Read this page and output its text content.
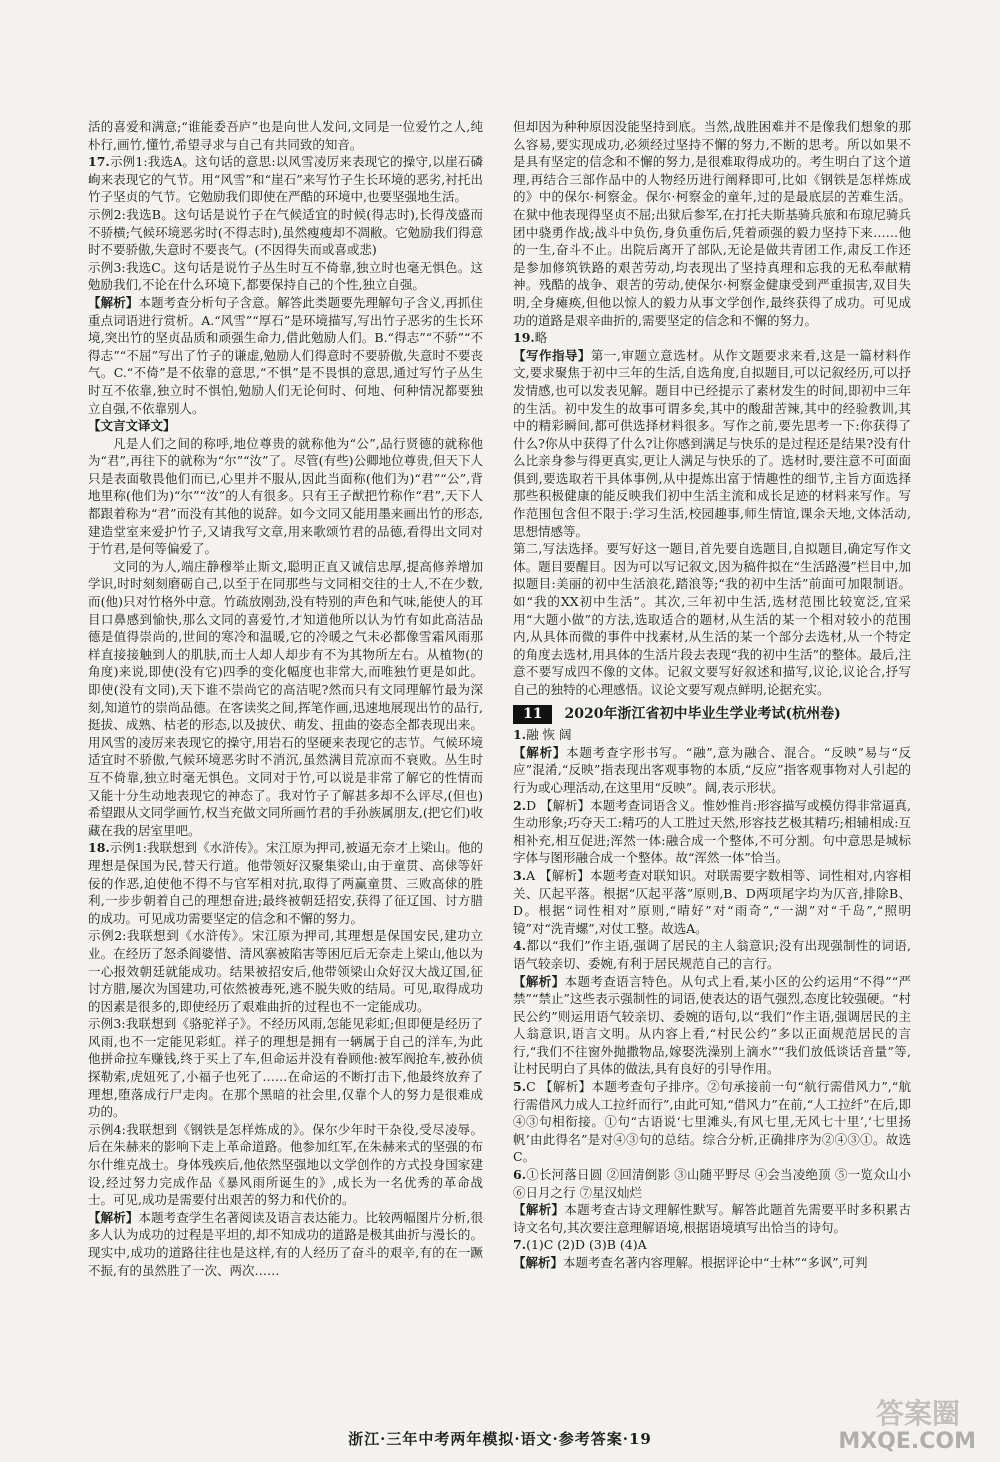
活的喜爱和满意;“谁能委吾庐”也是向世人发问,文同是一位爱竹之人,纯朴行,画竹,懂竹,希望寻求与自己有共同致的知音。

17.示例1:我选A。这句话的意思:以风雪凌厉来表现它的操守,以崖石磷峋来表现它的气节。用“风雪”和“崖石”来写竹子生长环境的恶劣,衬托出竹子坚贞的气节。它勉励我们即使在严酷的环境中,也要坚强地生活。

示例2:我选B。这句话是说竹子在气候适宜的时候(得志时),长得茂盛而不骄横;气候环境恶劣时(不得志时),虽然瘦瘦却不凋敝。它勉励我们得意时不要骄傲,失意时不要丧气。(不因得失而或喜或悲)

示例3:我选C。这句话是说竹子丛生时互不倚靠,独立时也毫无惧色。这勉励我们,不论在什么环境下,都要保持自己的个性,独立自强。

【解析】本题考查分析句子含意。解答此类题要先理解句子含义,再抓住重点词语进行赏析。A.“风雪”“厚石”是环境描写,写出竹子恶劣的生长环境,突出竹的坚贞品质和顽强生命力,借此勉励人们。B.“得志”“不骄”“不得志”“不屈”写出了竹子的谦虚,勉励人们得意时不要骄傲,失意时不要丧气。C.“不倚”是不依靠的意思,“不惧”是不畏惧的意思,通过写竹子丛生时互不依靠,独立时不惧怕,勉励人们无论何时、何地、何种情况都要独立自强,不依靠别人。

【文言文译文】

凡是人们之间的称呼,地位尊贵的就称他为“公”,品行贤德的就称他为“君”,再往下的就称为“尔”“汝”了。尽管(有些)公卿地位尊贵,但天下人只是表面敬畏他们而已,心里并不服从,因此当面称(他们为)“君”“公”,背地里称(他们为)“尔”“汝”的人有很多。只有王子猷把竹称作“君”,天下人都跟着称为“君”而没有其他的说辞。如今文同又能用墨来画出竹的形态,建造堂室来爱护竹子,又请我写文章,用来歌颂竹君的品德,看得出文同对于竹君,是何等偏爱了。

文同的为人,端庄静穆举止斯文,聪明正直又诚信忠厚,提高修养增加学识,时时刻刻磨砺自己,以至于在同那些与文同相交往的士人,不在少数,而(他)只对竹格外中意。竹疏放刚劲,没有特别的声色和气味,能使人的耳目口鼻感到愉快,那么文同的喜爱竹,才知道他所以认为竹有如此高洁品德是值得崇尚的,世间的寒冷和温暖,它的冷暖之气未必都像雪霜风雨那样直接接触到人的肌肤,而士人却人却步有不为其物所左右。从植物(的角度)来说,即使(没有它)四季的变化幅度也非常大,而唯独竹更是如此。即使(没有文同),天下谁不崇尚它的高洁呢?然而只有文同理解竹最为深刻,知道竹的崇尚品德。在客读奖之间,挥笔作画,迅速地展现出竹的品行,挺拔、成熟、枯老的形态,以及披伏、萌发、扭曲的姿态全都表现出来。用风雪的凌厉来表现它的操守,用岩石的坚硬来表现它的志节。气候环境适宜时不骄傲,气候环境恶劣时不消沉,虽然满目荒凉而不衰败。丛生时互不倚靠,独立时毫无惧色。文同对于竹,可以说是非常了解它的性情而又能十分生动地表现它的神态了。我对竹子了解甚多却不么评尽,(但也)希望跟从文同学画竹,权当充做文同所画竹君的手孙族属朋友,(把它们)收藏在我的居室里吧。

18.示例1:我联想到《水浒传》。宋江原为押司,被逼无奈才上梁山。他的理想是保国为民,替天行道。他带领好汉聚集梁山,由于童贯、高俅等奸佞的作恶,迫使他不得不与官军相对抗,取得了两赢童贯、三败高俅的胜利,一步步朝着自己的理想奋进;最终被朝廷招安,获得了征辽国、讨方腊的成功。可见成功需要坚定的信念和不懈的努力。

示例2:我联想到《水浒传》。宋江原为押司,其理想是保国安民,建功立业。在经历了怒杀阎婆惜、清风寨被陷害等困厄后无奈走上梁山,他以为一心报效朝廷就能成功。结果被招安后,他带领梁山众好汉大战辽国,征讨方腊,屡次为国建功,可依然被毒死,逃不脱失败的结局。可见,取得成功的因素是很多的,即使经历了艰难曲折的过程也不一定能成功。

示例3:我联想到《骆驼祥子》。不经历风雨,怎能见彩虹;但即便是经历了风雨,也不一定能见彩虹。祥子的理想是拥有一辆属于自己的洋车,为此他拼命拉车赚钱,终于买上了车,但命运并没有眷顾他:被军阀抢车,被孙侦探勒索,虎妞死了,小福子也死了……在命运的不断打击下,他最终放弃了理想,堕落成行尸走肉。在那个黑暗的社会里,仅靠个人的努力是很难成功的。

示例4:我联想到《钢铁是怎样炼成的》。保尔少年时干杂役,受尽凌辱。后在朱赫来的影响下走上革命道路。他参加红军,在朱赫来式的坚强的布尔什维克战士。身体残疾后,他依然坚强地以文学创作的方式投身国家建设,经过努力完成作品《暴风雨所诞生的》,成长为一名优秀的革命战士。可见,成功是需要付出艰苦的努力和代价的。

【解析】本题考查学生名著阅读及语言表达能力。比较两幅图片分析,很多人认为成功的过程是平坦的,却不知成功的道路是极其曲折与漫长的。现实中,成功的道路往往也是这样,有的人经历了奋斗的艰辛,有的在一蹶不振,有的虽然胜了一次、两次……

但却因为种种原因没能坚持到底。当然,战胜困难并不是像我们想象的那么容易,要实现成功,必须经过坚持不懈的努力,不断的思考。所以如果不是具有坚定的信念和不懈的努力,是很难取得成功的。考生明白了这个道理,再结合三部作品中的人物经历进行阐释即可,比如《钢铁是怎样炼成的》中的保尔·柯察金。保尔·柯察金的童年,过的是最底层的苦难生活。在狱中他表现得坚贞不屈;出狱后参军,在打托夫斯基骑兵旅和布琼尼骑兵团中骁勇作战;战斗中负伤,身负重伤后,凭着顽强的毅力坚持下来……他的一生,奋斗不止。出院后离开了部队,无论是做共青团工作,肃反工作还是参加修筑铁路的艰苦劳动,均表现出了坚持真理和忘我的无私奉献精神。残酷的战争、艰苦的劳动,使保尔·柯察金健康受到严重损害,双目失明,全身瘫痪,但他以惊人的毅力从事文学创作,最终获得了成功。可见成功的道路是艰辛曲折的,需要坚定的信念和不懈的努力。

19.略

【写作指导】第一,审题立意选材。从作文题要求来看,这是一篇材料作文,要求聚焦于初中三年的生活,自选角度,自拟题目,可以记叙经历,可以抒发情感,也可以发表见解。题目中已经提示了素材发生的时间,即初中三年的生活。初中发生的故事可谓多矣,其中的酸甜苦辣,其中的经验教训,其中的精彩瞬间,都可供选择材料很多。写作之前,要先思考一下:你获得了什么?你从中获得了什么?让你感到满足与快乐的是过程还是结果?没有什么比亲身参与得更真实,更让人满足与快乐的了。选材时,要注意不可面面俱到,要选取若干具体事例,从中提炼出富于情趣性的细节,主旨方面选择那些积极健康的能反映我们初中生活主流和成长足迹的材料来写作。写作范围包含但不限于:学习生活,校园趣事,师生情谊,课余天地,文体活动,思想情感等。

第二,写法选择。要写好这一题目,首先要自选题目,自拟题目,确定写作文体。题目要醒目。因为可以写记叙文,因为稿件拟在“生活路漫”栏目中,加拟题目:美丽的初中生活浪花,踏浪等;“我的初中生活”前面可加限制语。如“我的XX初中生活”。其次,三年初中生活,选材范围比较宽泛,宜采用“大题小做”的方法,选取适合的题材,从生活的某一个相对较小的范围内,从具体而微的事件中找素材,从生活的某一个部分去选材,从一个特定的角度去选材,用具体的生活片段去表现“我的初中生活”的整体。最后,注意不要写成四不像的文体。记叙文要写好叙述和描写,议论,议论合,抒写自己的独特的心理感悟。议论文要写观点鲜明,论据充实。

11	2020年浙江省初中毕业生学业考试(杭州卷)

1.融 恢 阔

【解析】本题考查字形书写。“融”,意为融合、混合。“反映”易与“反应”混淆,“反映”指表现出客观事物的本质,“反应”指客观事物对人引起的行为或心理活动,在这里用“反映”。阔,表示形状。

2.D 【解析】本题考查词语含义。惟妙惟肖:形容描写或模仿得非常逼真,生动形象;巧夺天工:精巧的人工胜过天然,形容技艺极其精巧;相辅相成:互相补充,相互促进;浑然一体:融合成一个整体,不可分割。句中意思是城标字体与图形融合成一个整体。故“浑然一体”恰当。

3.A 【解析】本题考查对联知识。对联需要字数相等、词性相对,内容相关、仄起平落。根据“仄起平落”原则,B、D两项尾字均为仄音,排除B、D。根据“词性相对”原则,“晴好”对“雨奇”,“一湖”对“千岛”,“照明镜”对“洗青螺”,对仗工整。故选A。

4.都以“我们”作主语,强调了居民的主人翁意识;没有出现强制性的词语,语气较亲切、委婉,有利于居民规范自己的言行。

【解析】本题考查语言特色。从句式上看,某小区的公约运用“不得”“严禁”“禁止”这些表示强制性的词语,使表达的语气强烈,态度比较强硬。“村民公约”则运用语气较亲切、委婉的语句,以“我们”作主语,强调居民的主人翁意识,语言文明。从内容上看,“村民公约”多以正面规范居民的言行,“我们不往窗外抛撒物品,嫁娶洗澡别上滴水”“我们放低谈话音量”等,让村民明白了具体的做法,具有良好的引导作用。

5.C 【解析】本题考查句子排序。②句承接前一句“航行需借风力”,“航行需借风力成人工拉纤而行”,由此可知,“借风力”在前,“人工拉纤”在后,即④③句相衔接。①句“古语说‘七里滩头,有风七里,无风七十里’,‘七里扬帆’由此得名”是对④③句的总结。综合分析,正确排序为②④③①。故选C。

6.①长河落日圆 ②回清倒影 ③山随平野尽 ④会当凌绝顶 ⑤一览众山小 ⑥日月之行 ⑦星汉灿烂

【解析】本题考查古诗文理解性默写。解答此题首先需要平时多积累古诗文名句,其次要注意理解语境,根据语境填写出恰当的诗句。

7.(1)C (2)D (3)B (4)A

【解析】本题考查名著内容理解。根据评论中“士林”“多讽”,可判

浙江·三年中考两年模拟·语文·参考答案·19
答案圈
MXQE.COM
